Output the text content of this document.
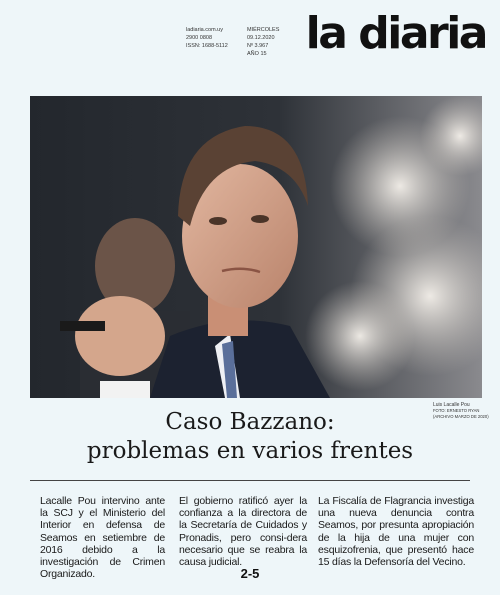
ladiaria.com.uy
2900 0808
ISSN: 1688-5112
MIÉRCOLES
09.12.2020
Nº 3.967
AÑO 15 la diaria
Luis Lacalle Pou
FOTO: ERNESTO RYAN
(ARCHIVO MARZO DE 2020)
Caso Bazzano:
problemas en varios frentes
Lacalle Pou intervino ante la SCJ y el Ministerio del Interior en defensa de Seamos en setiembre de 2016 debido a la investigación de Crimen Organizado.
El gobierno ratificó ayer la confianza a la directora de la Secretaría de Cuidados y Pronadis, pero consi-dera necesario que se reabra la causa judicial.
La Fiscalía de Flagrancia investiga una nueva denuncia contra Seamos, por presunta apropiación de la hija de una mujer con esquizofrenia, que presentó hace 15 días la Defensoría del Vecino.
2-5
